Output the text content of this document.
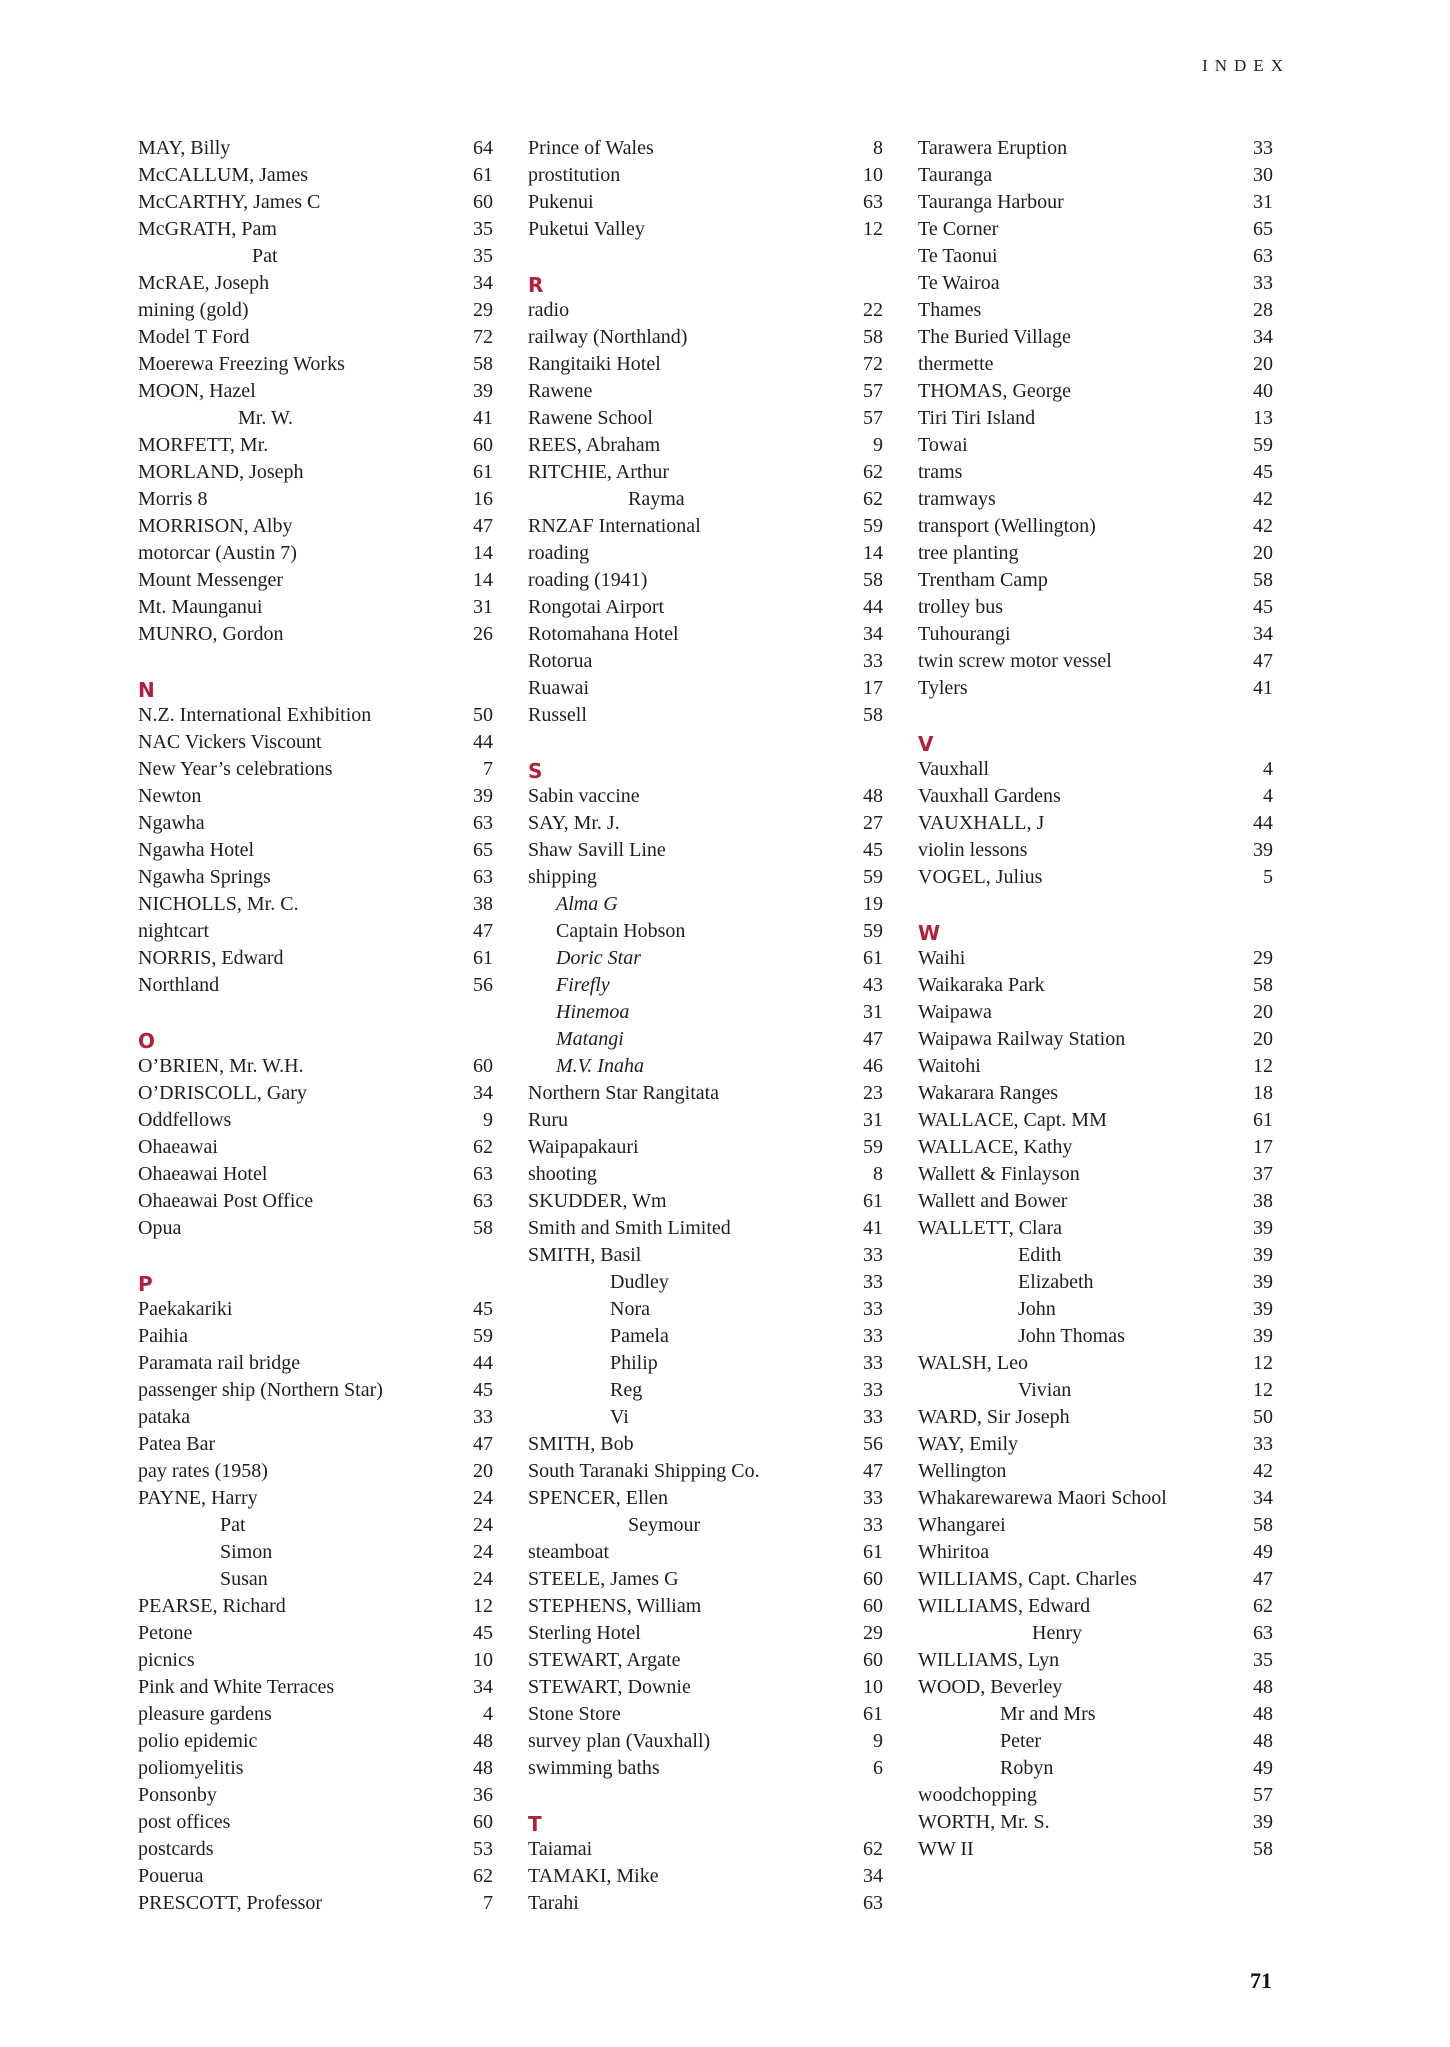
INDEX
MAY, Billy	64
McCALLUM, James	61
McCARTHY, James C	60
McGRATH, Pam	35
Pat	35
McRAE, Joseph	34
mining (gold)	29
Model T Ford	72
Moerewa Freezing Works	58
MOON, Hazel	39
Mr. W.	41
MORFETT, Mr.	60
MORLAND, Joseph	61
Morris 8	16
MORRISON, Alby	47
motorcar (Austin 7)	14
Mount Messenger	14
Mt. Maunganui	31
MUNRO, Gordon	26
N
N.Z. International Exhibition	50
NAC Vickers Viscount	44
New Year’s celebrations	7
Newton	39
Ngawha	63
Ngawha Hotel	65
Ngawha Springs	63
NICHOLLS, Mr. C.	38
nightcart	47
NORRIS, Edward	61
Northland	56
O
O’BRIEN, Mr. W.H.	60
O’DRISCOLL, Gary	34
Oddfellows	9
Ohaeawai	62
Ohaeawai Hotel	63
Ohaeawai Post Office	63
Opua	58
P
Paekakariki	45
Paihia	59
Paramata rail bridge	44
passenger ship (Northern Star)	45
pataka	33
Patea Bar	47
pay rates (1958)	20
PAYNE, Harry	24
Pat	24
Simon	24
Susan	24
PEARSE, Richard	12
Petone	45
picnics	10
Pink and White Terraces	34
pleasure gardens	4
polio epidemic	48
poliomyelitis	48
Ponsonby	36
post offices	60
postcards	53
Pouerua	62
PRESCOTT, Professor	7
Prince of Wales	8
prostitution	10
Pukenui	63
Puketui Valley	12
R
radio	22
railway (Northland)	58
Rangitaiki Hotel	72
Rawene	57
Rawene School	57
REES, Abraham	9
RITCHIE, Arthur	62
Rayma	62
RNZAF International	59
roading	14
roading (1941)	58
Rongotai Airport	44
Rotomahana Hotel	34
Rotorua	33
Ruawai	17
Russell	58
S
Sabin vaccine	48
SAY, Mr. J.	27
Shaw Savill Line	45
shipping	59
Alma G	19
Captain Hobson	59
Doric Star	61
Firefly	43
Hinemoa	31
Matangi	47
M.V. Inaha	46
Northern Star Rangitata	23
Ruru	31
Waipapakauri	59
shooting	8
SKUDDER, Wm	61
Smith and Smith Limited	41
SMITH, Basil	33
Dudley	33
Nora	33
Pamela	33
Philip	33
Reg	33
Vi	33
SMITH, Bob	56
South Taranaki Shipping Co.	47
SPENCER, Ellen	33
Seymour	33
steamboat	61
STEELE, James G	60
STEPHENS, William	60
Sterling Hotel	29
STEWART, Argate	60
STEWART, Downie	10
Stone Store	61
survey plan (Vauxhall)	9
swimming baths	6
T
Taiamai	62
TAMAKI, Mike	34
Tarahi	63
Tarawera Eruption	33
Tauranga	30
Tauranga Harbour	31
Te Corner	65
Te Taonui	63
Te Wairoa	33
Thames	28
The Buried Village	34
thermette	20
THOMAS, George	40
Tiri Tiri Island	13
Towai	59
trams	45
tramways	42
transport (Wellington)	42
tree planting	20
Trentham Camp	58
trolley bus	45
Tuhourangi	34
twin screw motor vessel	47
Tylers	41
V
Vauxhall	4
Vauxhall Gardens	4
VAUXHALL, J	44
violin lessons	39
VOGEL, Julius	5
W
Waihi	29
Waikaraka Park	58
Waipawa	20
Waipawa Railway Station	20
Waitohi	12
Wakarara Ranges	18
WALLACE, Capt. MM	61
WALLACE, Kathy	17
Wallett & Finlayson	37
Wallett and Bower	38
WALLETT, Clara	39
Edith	39
Elizabeth	39
John	39
John Thomas	39
WALSH, Leo	12
Vivian	12
WARD, Sir Joseph	50
WAY, Emily	33
Wellington	42
Whakarewarewa Maori School	34
Whangarei	58
Whiritoa	49
WILLIAMS, Capt. Charles	47
WILLIAMS, Edward	62
Henry	63
WILLIAMS, Lyn	35
WOOD, Beverley	48
Mr and Mrs	48
Peter	48
Robyn	49
woodchopping	57
WORTH, Mr. S.	39
WW II	58
71
